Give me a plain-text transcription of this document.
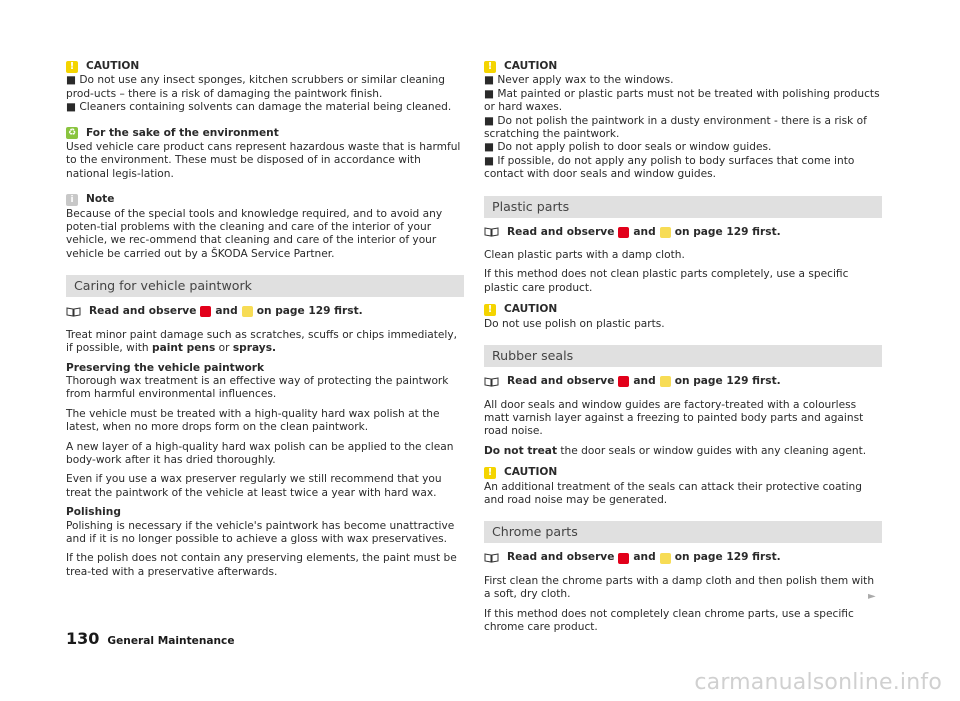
!
CAUTION

■ Do not use any insect sponges, kitchen scrubbers or similar cleaning prod-ucts – there is a risk of damaging the paintwork finish.

■ Cleaners containing solvents can damage the material being cleaned.

♻
For the sake of the environment

Used vehicle care product cans represent hazardous waste that is harmful to the environment. These must be disposed of in accordance with national legis-lation.

i
Note

Because of the special tools and knowledge required, and to avoid any poten-tial problems with the cleaning and care of the interior of your vehicle, we rec-ommend that cleaning and care of the interior of your vehicle be carried out by a ŠKODA Service Partner.

Caring for vehicle paintwork
Read and observe and on page 129 first.

Treat minor paint damage such as scratches, scuffs or chips immediately, if possible, with paint pens or sprays.

Preserving the vehicle paintwork

Thorough wax treatment is an effective way of protecting the paintwork from harmful environmental influences.

The vehicle must be treated with a high-quality hard wax polish at the latest, when no more drops form on the clean paintwork.

A new layer of a high-quality hard wax polish can be applied to the clean body-work after it has dried thoroughly.

Even if you use a wax preserver regularly we still recommend that you treat the paintwork of the vehicle at least twice a year with hard wax.

Polishing

Polishing is necessary if the vehicle's paintwork has become unattractive and if it is no longer possible to achieve a gloss with wax preservatives.

If the polish does not contain any preserving elements, the paint must be trea-ted with a preservative afterwards.

!
CAUTION

■ Never apply wax to the windows.

■ Mat painted or plastic parts must not be treated with polishing products or hard waxes.

■ Do not polish the paintwork in a dusty environment - there is a risk of scratching the paintwork.

■ Do not apply polish to door seals or window guides.

■ If possible, do not apply any polish to body surfaces that come into contact with door seals and window guides.

Plastic parts
Read and observe and on page 129 first.

Clean plastic parts with a damp cloth.

If this method does not clean plastic parts completely, use a specific plastic care product.

!
CAUTION

Do not use polish on plastic parts.

Rubber seals
Read and observe and on page 129 first.

All door seals and window guides are factory-treated with a colourless matt varnish layer against a freezing to painted body parts and against road noise.

Do not treat the door seals or window guides with any cleaning agent.

!
CAUTION

An additional treatment of the seals can attack their protective coating and road noise may be generated.

Chrome parts
Read and observe and on page 129 first.

First clean the chrome parts with a damp cloth and then polish them with a soft, dry cloth.

If this method does not completely clean chrome parts, use a specific chrome care product.

►
130 General Maintenance
carmanualsonline.info
